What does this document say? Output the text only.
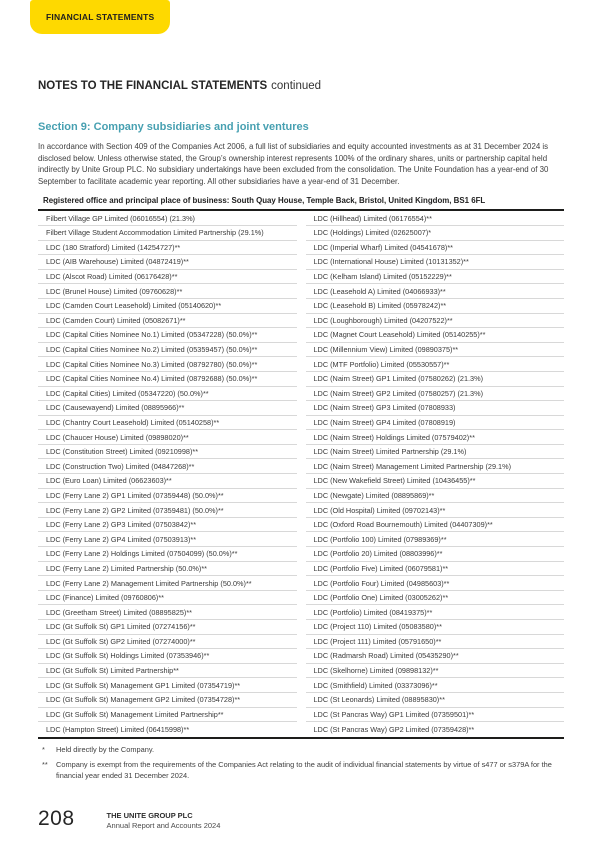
FINANCIAL STATEMENTS
NOTES TO THE FINANCIAL STATEMENTS continued
Section 9: Company subsidiaries and joint ventures

In accordance with Section 409 of the Companies Act 2006, a full list of subsidiaries and equity accounted investments as at 31 December 2024 is disclosed below. Unless otherwise stated, the Group’s ownership interest represents 100% of the ordinary shares, units or partnership capital held indirectly by Unite Group PLC. No subsidiary undertakings have been excluded from the consolidation. The Unite Foundation has a year-end of 30 September to facilitate academic year reporting. All other subsidiaries have a year-end of 31 December.

Registered office and principal place of business: South Quay House, Temple Back, Bristol, United Kingdom, BS1 6FL
Filbert Village GP Limited (06016554) (21.3%)
Filbert Village Student Accommodation Limited Partnership (29.1%)
LDC (180 Stratford) Limited (14254727)**
LDC (AIB Warehouse) Limited (04872419)**
LDC (Alscot Road) Limited (06176428)**
LDC (Brunel House) Limited (09760628)**
LDC (Camden Court Leasehold) Limited (05140620)**
LDC (Camden Court) Limited (05082671)**
LDC (Capital Cities Nominee No.1) Limited (05347228) (50.0%)**
LDC (Capital Cities Nominee No.2) Limited (05359457) (50.0%)**
LDC (Capital Cities Nominee No.3) Limited (08792780) (50.0%)**
LDC (Capital Cities Nominee No.4) Limited (08792688) (50.0%)**
LDC (Capital Cities) Limited (05347220) (50.0%)**
LDC (Causewayend) Limited (08895966)**
LDC (Chantry Court Leasehold) Limited (05140258)**
LDC (Chaucer House) Limited (09898020)**
LDC (Constitution Street) Limited (09210998)**
LDC (Construction Two) Limited (04847268)**
LDC (Euro Loan) Limited (06623603)**
LDC (Ferry Lane 2) GP1 Limited (07359448) (50.0%)**
LDC (Ferry Lane 2) GP2 Limited (07359481) (50.0%)**
LDC (Ferry Lane 2) GP3 Limited (07503842)**
LDC (Ferry Lane 2) GP4 Limited (07503913)**
LDC (Ferry Lane 2) Holdings Limited (07504099) (50.0%)**
LDC (Ferry Lane 2) Limited Partnership (50.0%)**
LDC (Ferry Lane 2) Management Limited Partnership (50.0%)**
LDC (Finance) Limited (09760806)**
LDC (Greetham Street) Limited (08895825)**
LDC (Gt Suffolk St) GP1 Limited (07274156)**
LDC (Gt Suffolk St) GP2 Limited (07274000)**
LDC (Gt Suffolk St) Holdings Limited (07353946)**
LDC (Gt Suffolk St) Limited Partnership**
LDC (Gt Suffolk St) Management GP1 Limited (07354719)**
LDC (Gt Suffolk St) Management GP2 Limited (07354728)**
LDC (Gt Suffolk St) Management Limited Partnership**
LDC (Hampton Street) Limited (06415998)**
LDC (Hillhead) Limited (06176554)**
LDC (Holdings) Limited (02625007)*
LDC (Imperial Wharf) Limited (04541678)**
LDC (International House) Limited (10131352)**
LDC (Kelham Island) Limited (05152229)**
LDC (Leasehold A) Limited (04066933)**
LDC (Leasehold B) Limited (05978242)**
LDC (Loughborough) Limited (04207522)**
LDC (Magnet Court Leasehold) Limited (05140255)**
LDC (Millennium View) Limited (09890375)**
LDC (MTF Portfolio) Limited (05530557)**
LDC (Nairn Street) GP1 Limited (07580262) (21.3%)
LDC (Nairn Street) GP2 Limited (07580257) (21.3%)
LDC (Nairn Street) GP3 Limited (07808933)
LDC (Nairn Street) GP4 Limited (07808919)
LDC (Nairn Street) Holdings Limited (07579402)**
LDC (Nairn Street) Limited Partnership (29.1%)
LDC (Nairn Street) Management Limited Partnership (29.1%)
LDC (New Wakefield Street) Limited (10436455)**
LDC (Newgate) Limited (08895869)**
LDC (Old Hospital) Limited (09702143)**
LDC (Oxford Road Bournemouth) Limited (04407309)**
LDC (Portfolio 100) Limited (07989369)**
LDC (Portfolio 20) Limited (08803996)**
LDC (Portfolio Five) Limited (06079581)**
LDC (Portfolio Four) Limited (04985603)**
LDC (Portfolio One) Limited (03005262)**
LDC (Portfolio) Limited (08419375)**
LDC (Project 110) Limited (05083580)**
LDC (Project 111) Limited (05791650)**
LDC (Radmarsh Road) Limited (05435290)**
LDC (Skelhorne) Limited (09898132)**
LDC (Smithfield) Limited (03373096)**
LDC (St Leonards) Limited (08895830)**
LDC (St Pancras Way) GP1 Limited (07359501)**
LDC (St Pancras Way) GP2 Limited (07359428)**
*	Held directly by the Company.
**	Company is exempt from the requirements of the Companies Act relating to the audit of individual financial statements by virtue of s477 or s379A for the financial year ended 31 December 2024.
208	THE UNITE GROUP PLC
Annual Report and Accounts 2024
